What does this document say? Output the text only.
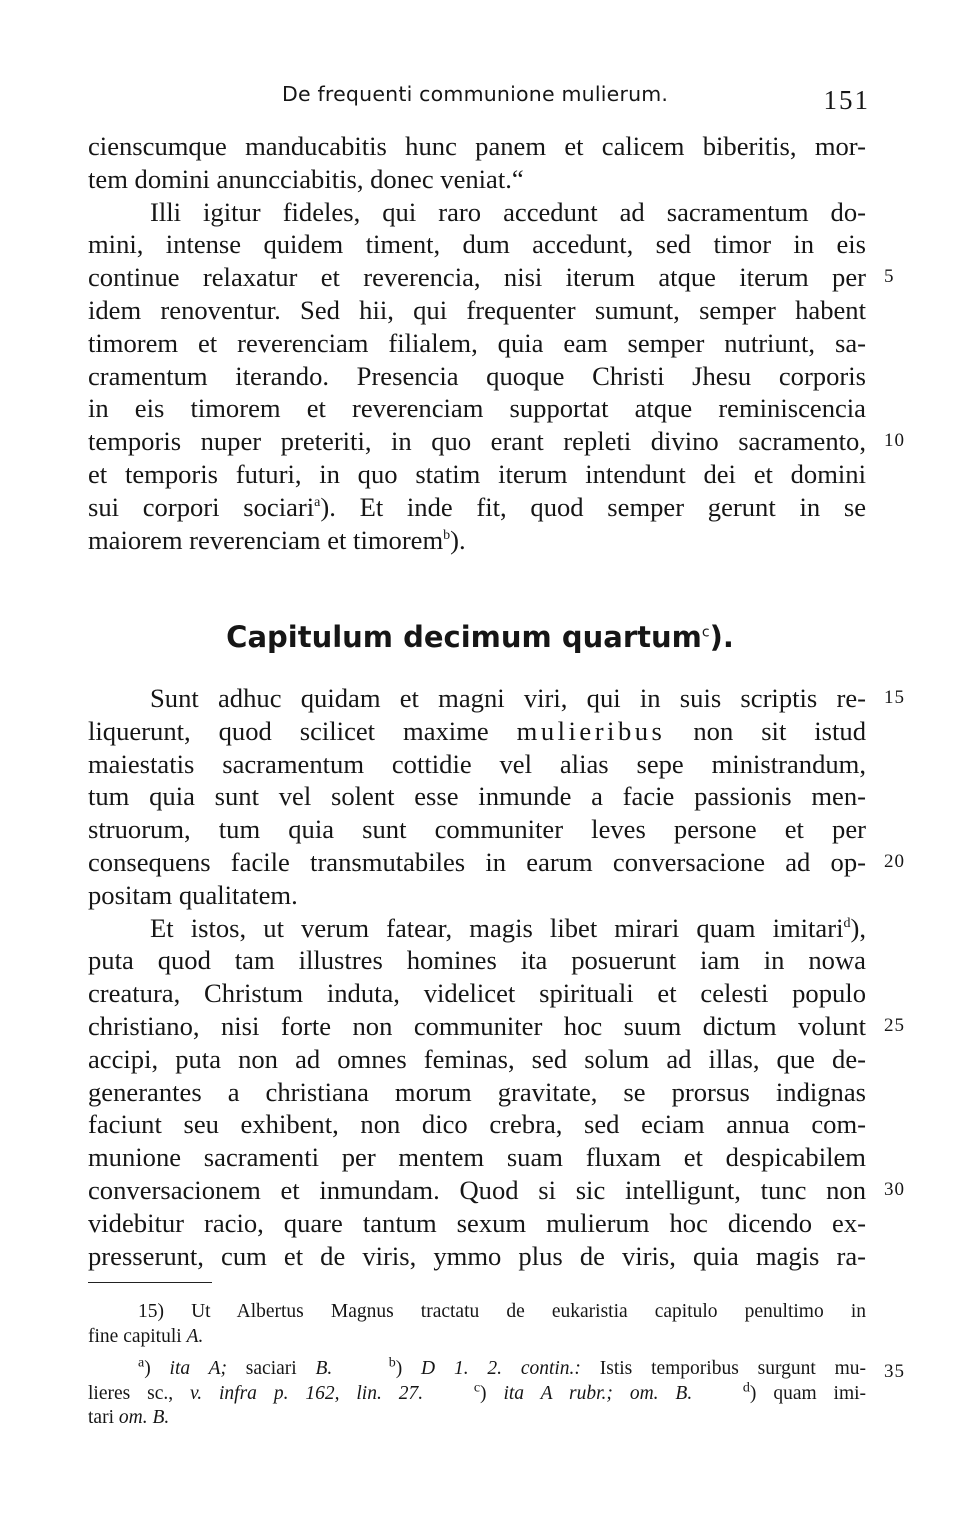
De frequenti communione mulierum.	151
cienscumque manducabitis hunc panem et calicem biberitis, mor-
tem domini anuncciabitis, donec veniat.“
Illi igitur fideles, qui raro accedunt ad sacramentum do-
mini, intense quidem timent, dum accedunt, sed timor in eis
continue relaxatur et reverencia, nisi iterum atque iterum per 5
idem renoventur. Sed hii, qui frequenter sumunt, semper habent
timorem et reverenciam filialem, quia eam semper nutriunt, sa-
cramentum iterando. Presencia quoque Christi Jhesu corporis
in eis timorem et reverenciam supportat atque reminiscencia
temporis nuper preteriti, in quo erant repleti divino sacramento, 10
et temporis futuri, in quo statim iterum intendunt dei et domini
sui corpori sociari$^a$). Et inde fit, quod semper gerunt in se
maiorem reverenciam et timorem$^b$).
Capitulum decimum quartum$^c$).
Sunt adhuc quidam et magni viri, qui in suis scriptis re- 15
liquerunt, quod scilicet maxime mulieribus non sit istud
maiestatis sacramentum cottidie vel alias sepe ministrandum,
tum quia sunt vel solent esse inmunde a facie passionis men-
struorum, tum quia sunt communiter leves persone et per
consequens facile transmutabiles in earum conversacione ad op- 20
positam qualitatem.
Et istos, ut verum fatear, magis libet mirari quam imitari$^d$),
puta quod tam illustres homines ita posuerunt iam in nowa
creatura, Christum induta, videlicet spirituali et celesti populo
christiano, nisi forte non communiter hoc suum dictum volunt 25
accipi, puta non ad omnes feminas, sed solum ad illas, que de-
generantes a christiana morum gravitate, se prorsus indignas
faciunt seu exhibent, non dico crebra, sed eciam annua com-
munione sacramenti per mentem suam fluxam et despicabilem
conversacionem et inmundam. Quod si sic intelligunt, tunc non 30
videbitur racio, quare tantum sexum mulierum hoc dicendo ex-
presserunt, cum et de viris, ymmo plus de viris, quia magis ra-
15) Ut Albertus Magnus tractatu de eukaristia capitulo penultimo in
fine capituli A.
$^a$) ita A; saciari B.	$^b$) D 1. 2. contin.: Istis temporibus surgunt mu- 35
lieres sc., v. infra p. 162, lin. 27.	$^c$) ita A rubr.; om. B.	$^d$) quam imi-
tari om. B.
